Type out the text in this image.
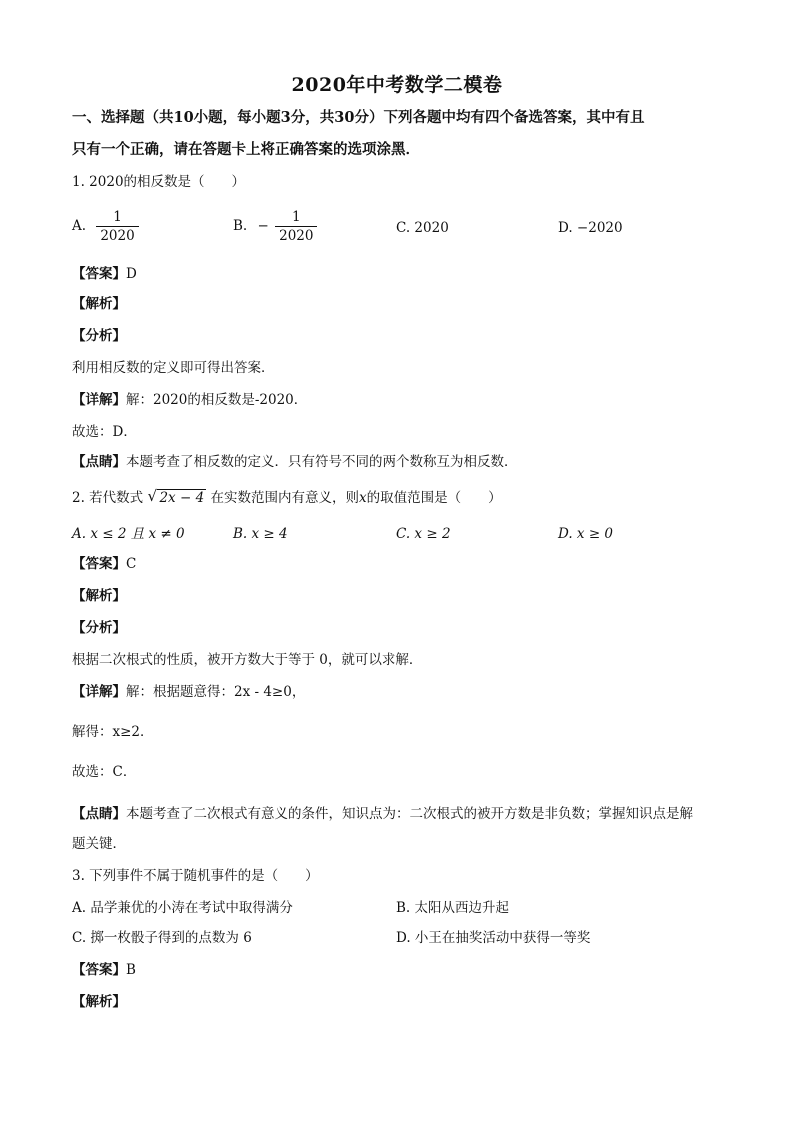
2020年中考数学二模卷
一、选择题（共10小题，每小题3分，共30分）下列各题中均有四个备选答案，其中有且
只有一个正确，请在答题卡上将正确答案的选项涂黑．
1. 2020的相反数是（　　）
A. $\frac{1}{2020}$	B. − $\frac{1}{2020}$	C. 2020	D. −2020
【答案】D
【解析】
【分析】
利用相反数的定义即可得出答案．
【详解】解：2020的相反数是-2020．
故选：D．
【点睛】本题考查了相反数的定义．只有符号不同的两个数称互为相反数．
2. 若代数式 √ 2x − 4 在实数范围内有意义，则x的取值范围是（　　）
A. x ≤ 2 且 x ≠ 0	B. x ≥ 4	C. x ≥ 2	D. x ≥ 0
【答案】C
【解析】
【分析】
根据二次根式的性质，被开方数大于等于 0，就可以求解．
【详解】解：根据题意得：2x - 4≥0，
解得：x≥2．
故选：C．
【点睛】本题考查了二次根式有意义的条件，知识点为：二次根式的被开方数是非负数；掌握知识点是解
题关键．
3. 下列事件不属于随机事件的是（　　）
A. 品学兼优的小涛在考试中取得满分	B. 太阳从西边升起
C. 掷一枚骰子得到的点数为 6	D. 小王在抽奖活动中获得一等奖
【答案】B
【解析】
